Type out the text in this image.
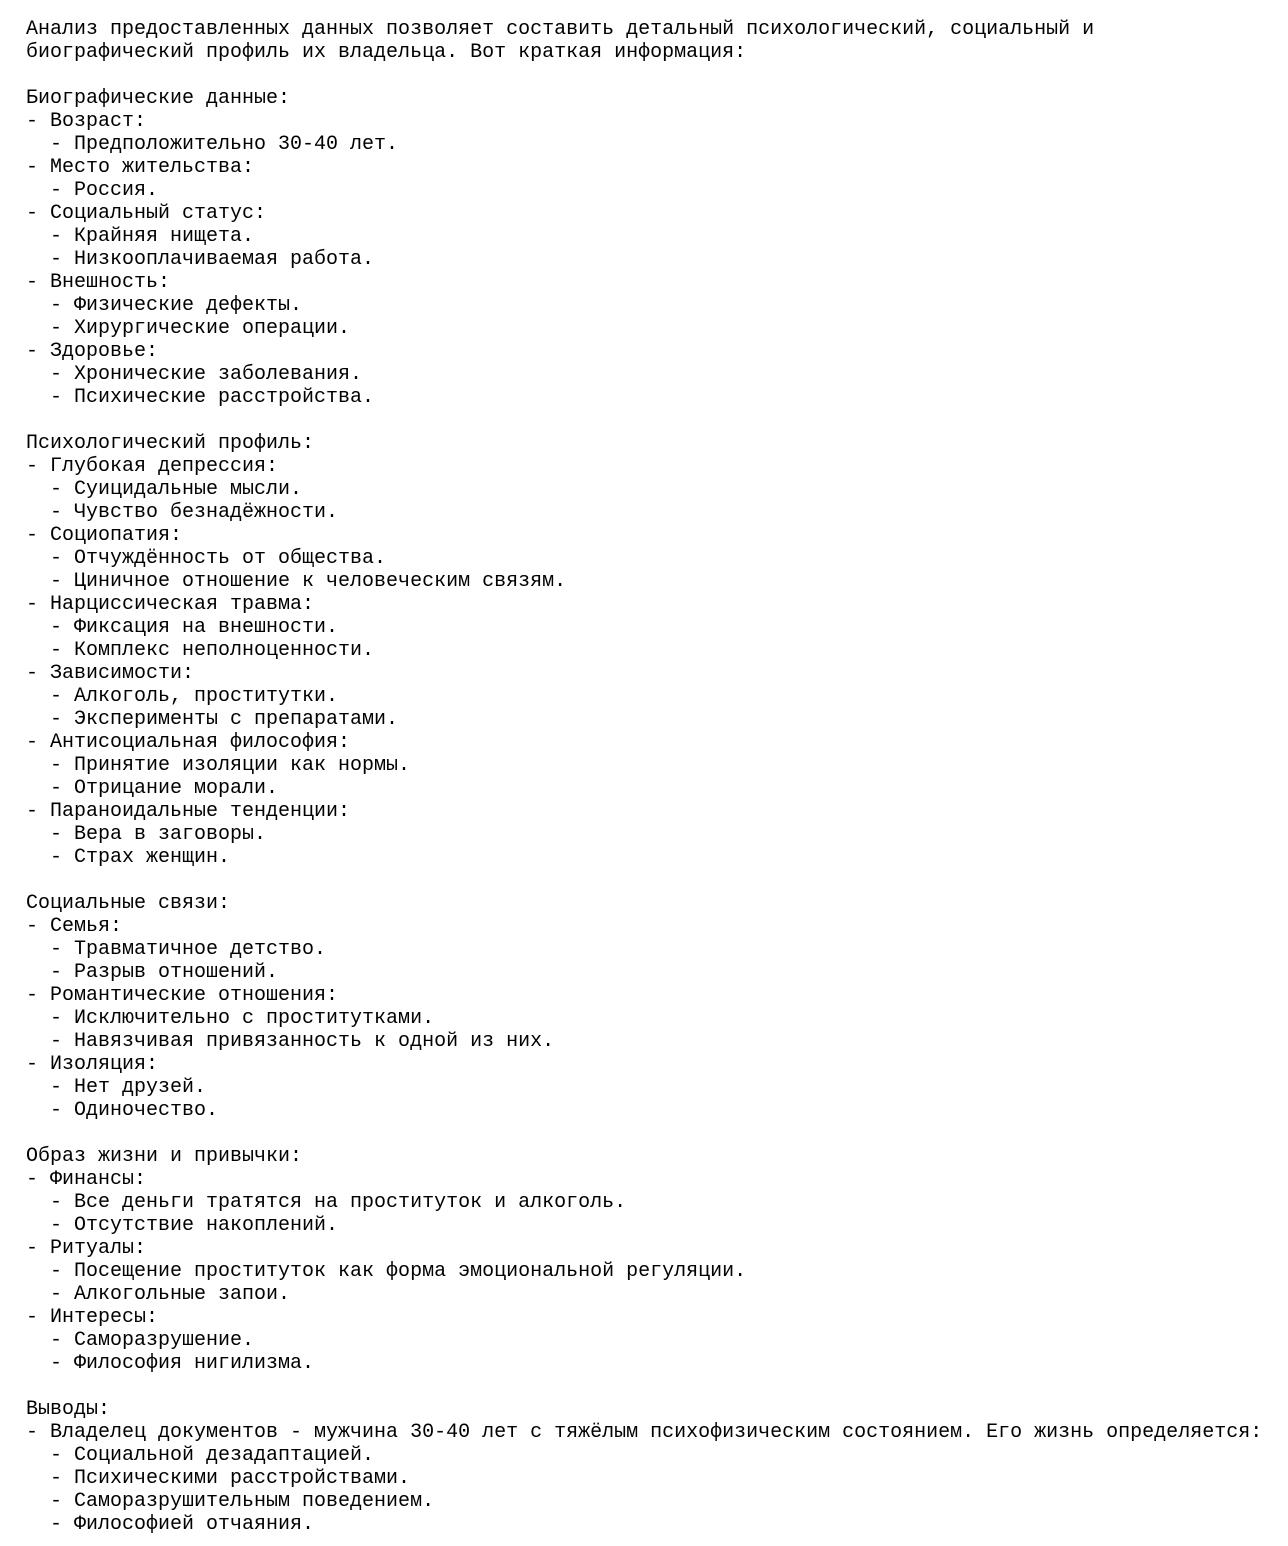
Анализ предоставленных данных позволяет составить детальный психологический, социальный и
биографический профиль их владельца. Вот краткая информация:
Биографические данные:
- Возраст:
- Предположительно 30-40 лет.
- Место жительства:
- Россия.
- Социальный статус:
- Крайняя нищета.
- Низкооплачиваемая работа.
- Внешность:
- Физические дефекты.
- Хирургические операции.
- Здоровье:
- Хронические заболевания.
- Психические расстройства.
Психологический профиль:
- Глубокая депрессия:
- Суицидальные мысли.
- Чувство безнадёжности.
- Социопатия:
- Отчуждённость от общества.
- Циничное отношение к человеческим связям.
- Нарциссическая травма:
- Фиксация на внешности.
- Комплекс неполноценности.
- Зависимости:
- Алкоголь, проститутки.
- Эксперименты с препаратами.
- Антисоциальная философия:
- Принятие изоляции как нормы.
- Отрицание морали.
- Параноидальные тенденции:
- Вера в заговоры.
- Страх женщин.
Социальные связи:
- Семья:
- Травматичное детство.
- Разрыв отношений.
- Романтические отношения:
- Исключительно с проститутками.
- Навязчивая привязанность к одной из них.
- Изоляция:
- Нет друзей.
- Одиночество.
Образ жизни и привычки:
- Финансы:
- Все деньги тратятся на проституток и алкоголь.
- Отсутствие накоплений.
- Ритуалы:
- Посещение проституток как форма эмоциональной регуляции.
- Алкогольные запои.
- Интересы:
- Саморазрушение.
- Философия нигилизма.
Выводы:
- Владелец документов - мужчина 30-40 лет с тяжёлым психофизическим состоянием. Его жизнь определяется:
- Социальной дезадаптацией.
- Психическими расстройствами.
- Саморазрушительным поведением.
- Философией отчаяния.
